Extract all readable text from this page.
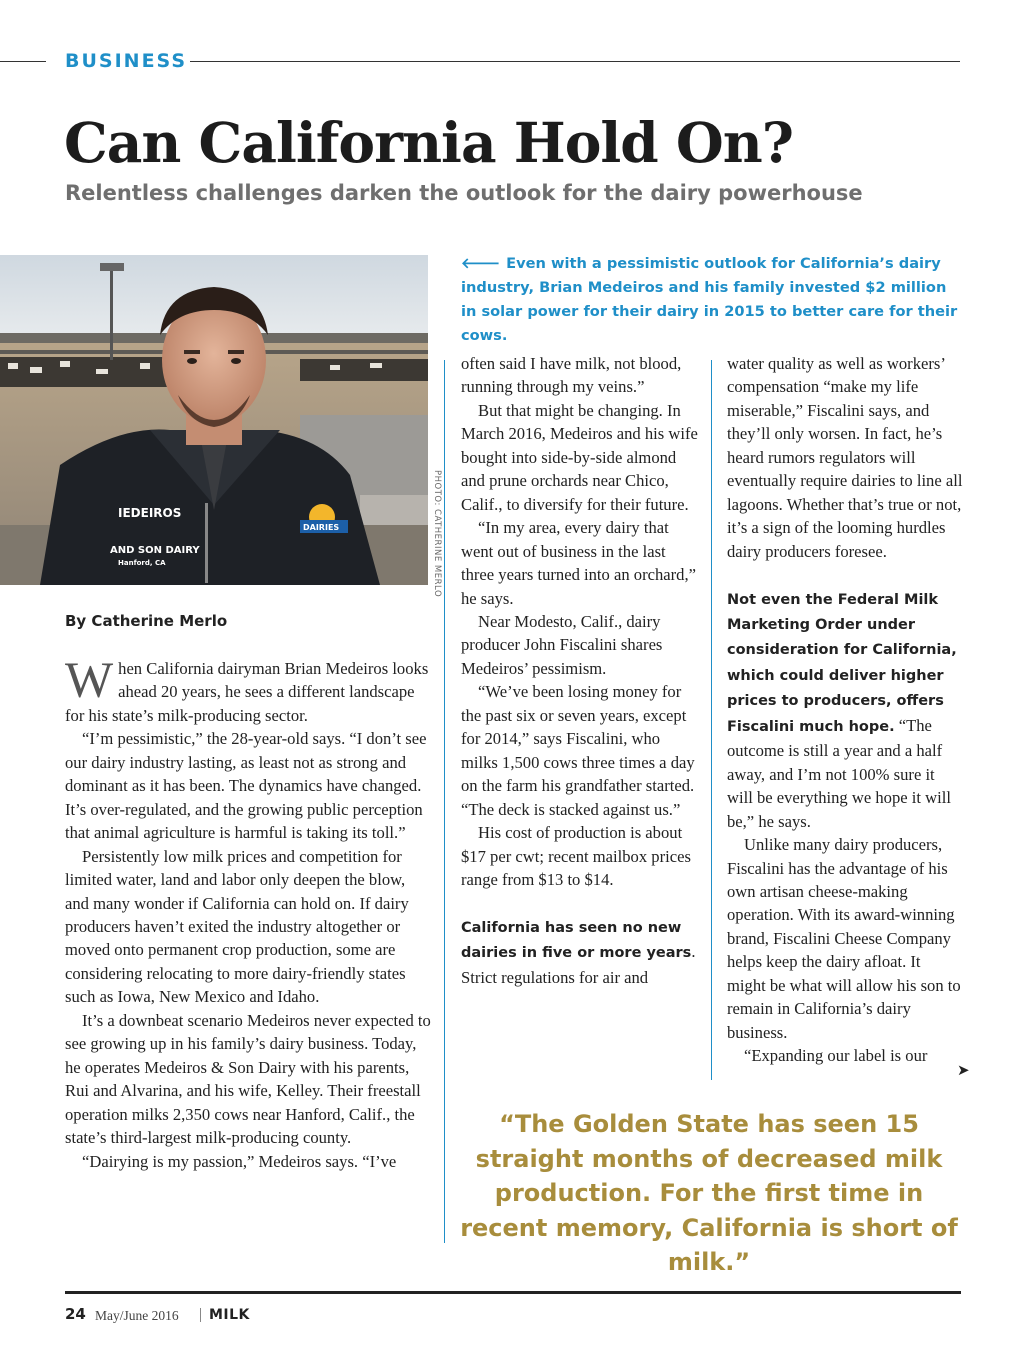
BUSINESS
Can California Hold On?
Relentless challenges darken the outlook for the dairy powerhouse
IEDEIROS
AND SON DAIRY
Hanford, CA
DAIRIES	PHOTO: CATHERINE MERLO
🡐 Even with a pessimistic outlook for California’s dairy industry, Brian Medeiros and his family invested $2 million in solar power for their dairy in 2015 to better care for their cows.
By Catherine Merlo

When California dairyman Brian Medeiros looks ahead 20 years, he sees a different landscape for his state’s milk-producing sector.

“I’m pessimistic,” the 28-year-old says. “I don’t see our dairy industry lasting, as least not as strong and dominant as it has been. The dynamics have changed. It’s over-regulated, and the growing public perception that animal agriculture is harmful is taking its toll.”

Persistently low milk prices and competition for limited water, land and labor only deepen the blow, and many wonder if California can hold on. If dairy producers haven’t exited the industry altogether or moved onto permanent crop production, some are considering relocating to more dairy-friendly states such as Iowa, New Mexico and Idaho.

It’s a downbeat scenario Medeiros never expected to see growing up in his family’s dairy business. Today, he operates Medeiros & Son Dairy with his parents, Rui and Alvarina, and his wife, Kelley. Their freestall operation milks 2,350 cows near Hanford, Calif., the state’s third-largest milk-producing county.

“Dairying is my passion,” Medeiros says. “I’ve

often said I have milk, not blood, running through my veins.”

But that might be changing. In March 2016, Medeiros and his wife bought into side-by-side almond and prune orchards near Chico, Calif., to diversify for their future.

“In my area, every dairy that went out of business in the last three years turned into an orchard,” he says.

Near Modesto, Calif., dairy producer John Fiscalini shares Medeiros’ pessimism.

“We’ve been losing money for the past six or seven years, except for 2014,” says Fiscalini, who milks 1,500 cows three times a day on the farm his grandfather started. “The deck is stacked against us.”

His cost of production is about $17 per cwt; recent mailbox prices range from $13 to $14.

California has seen no new dairies in five or more years. Strict regulations for air and

water quality as well as workers’ compensation “make my life miserable,” Fiscalini says, and they’ll only worsen. In fact, he’s heard rumors regulators will eventually require dairies to line all lagoons. Whether that’s true or not, it’s a sign of the looming hurdles dairy producers foresee.

Not even the Federal Milk Marketing Order under consideration for California, which could deliver higher prices to producers, offers Fiscalini much hope. “The outcome is still a year and a half away, and I’m not 100% sure it will be everything we hope it will be,” he says.

Unlike many dairy producers, Fiscalini has the advantage of his own artisan cheese-making operation. With its award-winning brand, Fiscalini Cheese Company helps keep the dairy afloat. It might be what will allow his son to remain in California’s dairy business.

“Expanding our label is our

➤
“The Golden State has seen 15 straight months of decreased milk production. For the first time in recent memory, California is short of milk.”
24 May/June 2016 MILK
